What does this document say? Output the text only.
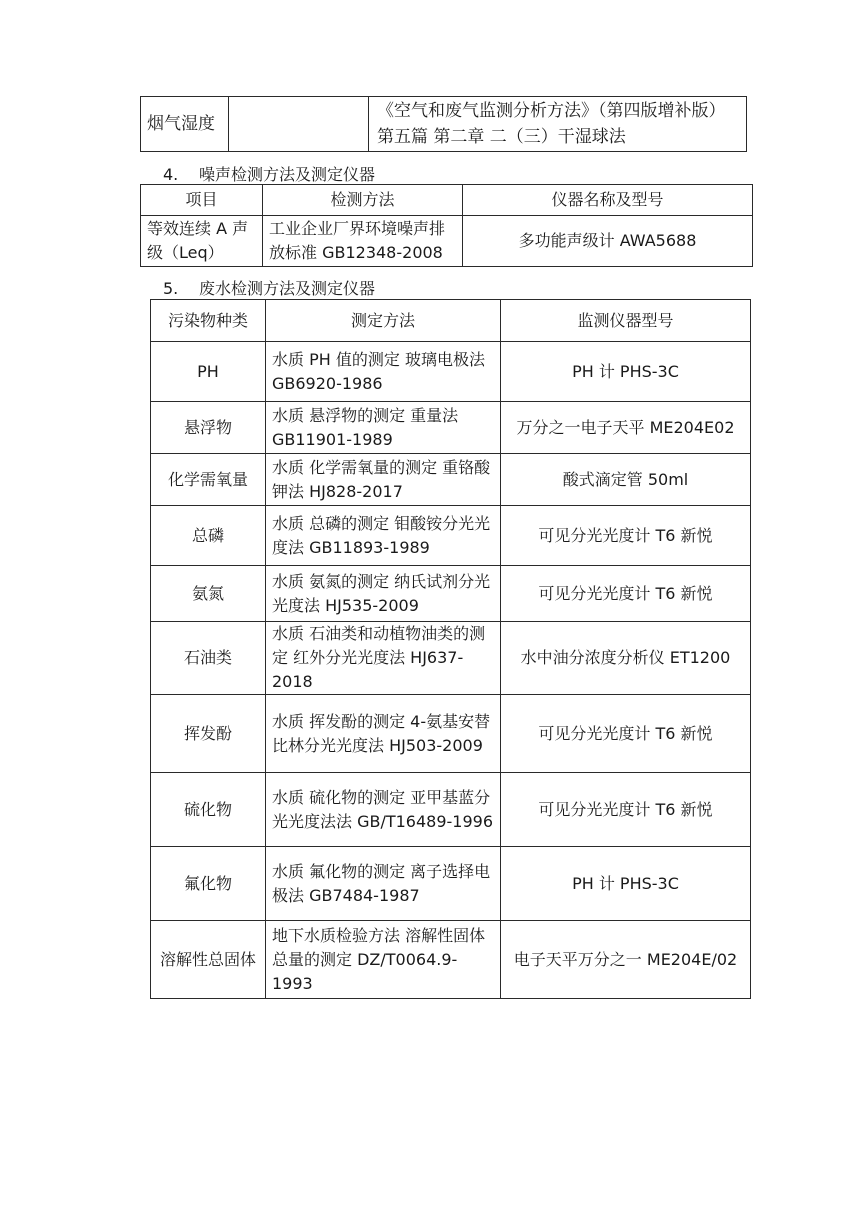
烟气湿度		《空气和废气监测分析方法》（第四版增补版）第五篇 第二章 二（三）干湿球法
4. 噪声检测方法及测定仪器
项目	检测方法	仪器名称及型号
等效连续 A 声级（Leq）	工业企业厂界环境噪声排放标准 GB12348-2008	多功能声级计 AWA5688
5. 废水检测方法及测定仪器
污染物种类	测定方法	监测仪器型号
PH	水质 PH 值的测定 玻璃电极法 GB6920-1986	PH 计 PHS-3C
悬浮物	水质 悬浮物的测定 重量法 GB11901-1989	万分之一电子天平 ME204E02
化学需氧量	水质 化学需氧量的测定 重铬酸钾法 HJ828-2017	酸式滴定管 50ml
总磷	水质 总磷的测定 钼酸铵分光光度法 GB11893-1989	可见分光光度计 T6 新悦
氨氮	水质 氨氮的测定 纳氏试剂分光光度法 HJ535-2009	可见分光光度计 T6 新悦
石油类	水质 石油类和动植物油类的测定 红外分光光度法 HJ637-2018	水中油分浓度分析仪 ET1200
挥发酚	水质 挥发酚的测定 4-氨基安替比林分光光度法 HJ503-2009	可见分光光度计 T6 新悦
硫化物	水质 硫化物的测定 亚甲基蓝分光光度法法 GB/T16489-1996	可见分光光度计 T6 新悦
氟化物	水质 氟化物的测定 离子选择电极法 GB7484-1987	PH 计 PHS-3C
溶解性总固体	地下水质检验方法 溶解性固体总量的测定 DZ/T0064.9-1993	电子天平万分之一 ME204E/02
